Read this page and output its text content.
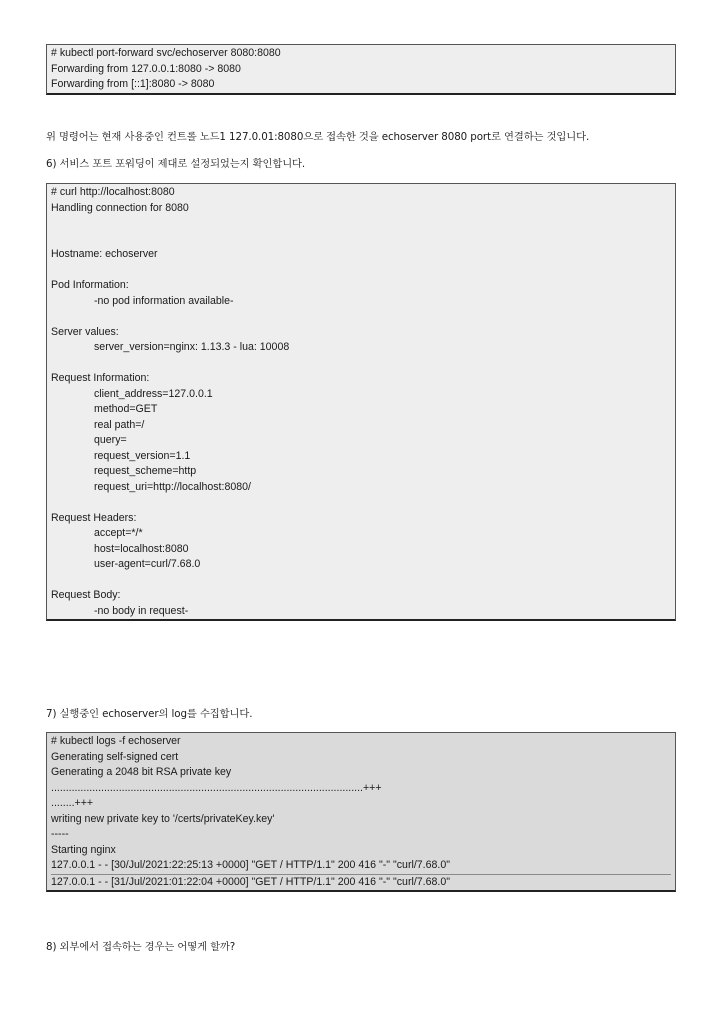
# kubectl port-forward svc/echoserver 8080:8080
Forwarding from 127.0.0.1:8080 -> 8080
Forwarding from [::1]:8080 -> 8080
위 명령어는 현재 사용중인 컨트롤 노드1 127.0.01:8080으로 접속한 것을 echoserver 8080 port로 연결하는 것입니다.
6) 서비스 포트 포워딩이 제대로 설정되었는지 확인합니다.
# curl http://localhost:8080
Handling connection for 8080
Hostname: echoserver
Pod Information:
-no pod information available-
Server values:
server_version=nginx: 1.13.3 - lua: 10008
Request Information:
client_address=127.0.0.1
method=GET
real path=/
query=
request_version=1.1
request_scheme=http
request_uri=http://localhost:8080/
Request Headers:
accept=*/*
host=localhost:8080
user-agent=curl/7.68.0
Request Body:
-no body in request-
7) 실행중인 echoserver의 log를 수집합니다.
# kubectl logs -f echoserver
Generating self-signed cert
Generating a 2048 bit RSA private key
..........................................................................................................+++
........+++
writing new private key to '/certs/privateKey.key'
-----
Starting nginx
127.0.0.1 - - [30/Jul/2021:22:25:13 +0000] "GET / HTTP/1.1" 200 416 "-" "curl/7.68.0"
127.0.0.1 - - [31/Jul/2021:01:22:04 +0000] "GET / HTTP/1.1" 200 416 "-" "curl/7.68.0"
8) 외부에서 접속하는 경우는 어떻게 할까?
